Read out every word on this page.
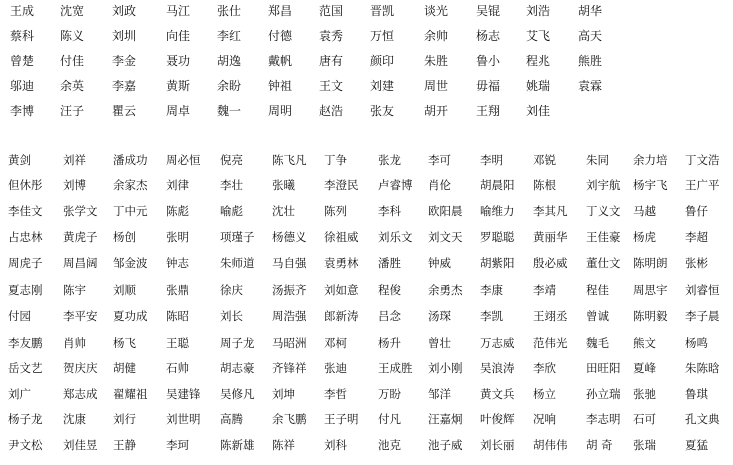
王成 沈宽 刘政 马江 张仕 郑昌 范国 晋凯 谈光 吴锟 刘浩 胡华
蔡科 陈义 刘圳 向佳 李红 付德 袁秀 万恒 余帅 杨志 艾飞 高天
曾楚 付佳 李金 聂功 胡逸 戴帆 唐有 颜印 朱胜 鲁小 程兆 熊胜
邬迪 余英 李嘉 黄斯 余盼 钟祖 王文 刘建 周世 毋福 姚瑞 袁霖
李博 汪子 瞿云 周卓 魏一 周明 赵浩 张友 胡开 王翔 刘佳
黄剑	刘祥 潘成功 周必恒 倪亮	陈飞凡 丁争	张龙 李可	李明	邓锐	朱同 余力培 丁文浩
但休彤 刘博 余家杰 刘律	李壮	张曦	李澄民 卢睿博 肖伦	胡晨阳 陈根	刘宇航 杨宇飞 王广平
李佳文 张学文 丁中元 陈彪	喻彪	沈壮	陈列	李科 欧阳晨 喻维力 李其凡 丁义文 马越	鲁仔
占忠林 黄虎子 杨创	张明	项瑾子 杨德义 徐祖威 刘乐文 刘文天 罗聪聪 黄丽华 王佳豪 杨虎	李超
周虎子 周昌阔 邹金波 钟志	朱师道 马自强 袁勇林 潘胜 钟威	胡紫阳 殷必威 董仕文 陈明朗 张彬
夏志刚 陈宇 刘顺	张鼎	徐庆	汤振齐 刘如意 程俊 余勇杰 李康	李靖	程佳 周思宇 刘睿恒
付园	李平安 夏功成 陈昭	刘长	周浩强 郎新涛 吕念 汤琛	李凯	王翊丞 曾诚 陈明毅 李子晨
李友鹏 肖帅 杨飞	王聪	周子龙 马昭洲 邓柯	杨升 曾壮	万志威 范伟光 魏毛 熊文	杨鸣
岳文艺 贺庆庆 胡健	石帅	胡志豪 齐锋祥 张迪	王成胜 刘小刚 吴浪涛 李欣	田旺阳 夏峰	朱陈晗
刘广	郑志成 翟耀祖 吴建锋 吴修凡 刘坤	李哲	万盼 邹洋	黄文兵 杨立	孙立瑞 张驰	鲁琪
杨子龙 沈康 刘行	刘世明 高腾	余飞鹏 王子明 付凡 汪嘉炯 叶俊辉 况响	李志明 石可	孔文典
尹文松 刘佳昱 王静	李珂	陈新雄 陈祥	刘科	池克 池子威 刘长丽 胡伟伟 胡 奇 张瑞	夏猛
